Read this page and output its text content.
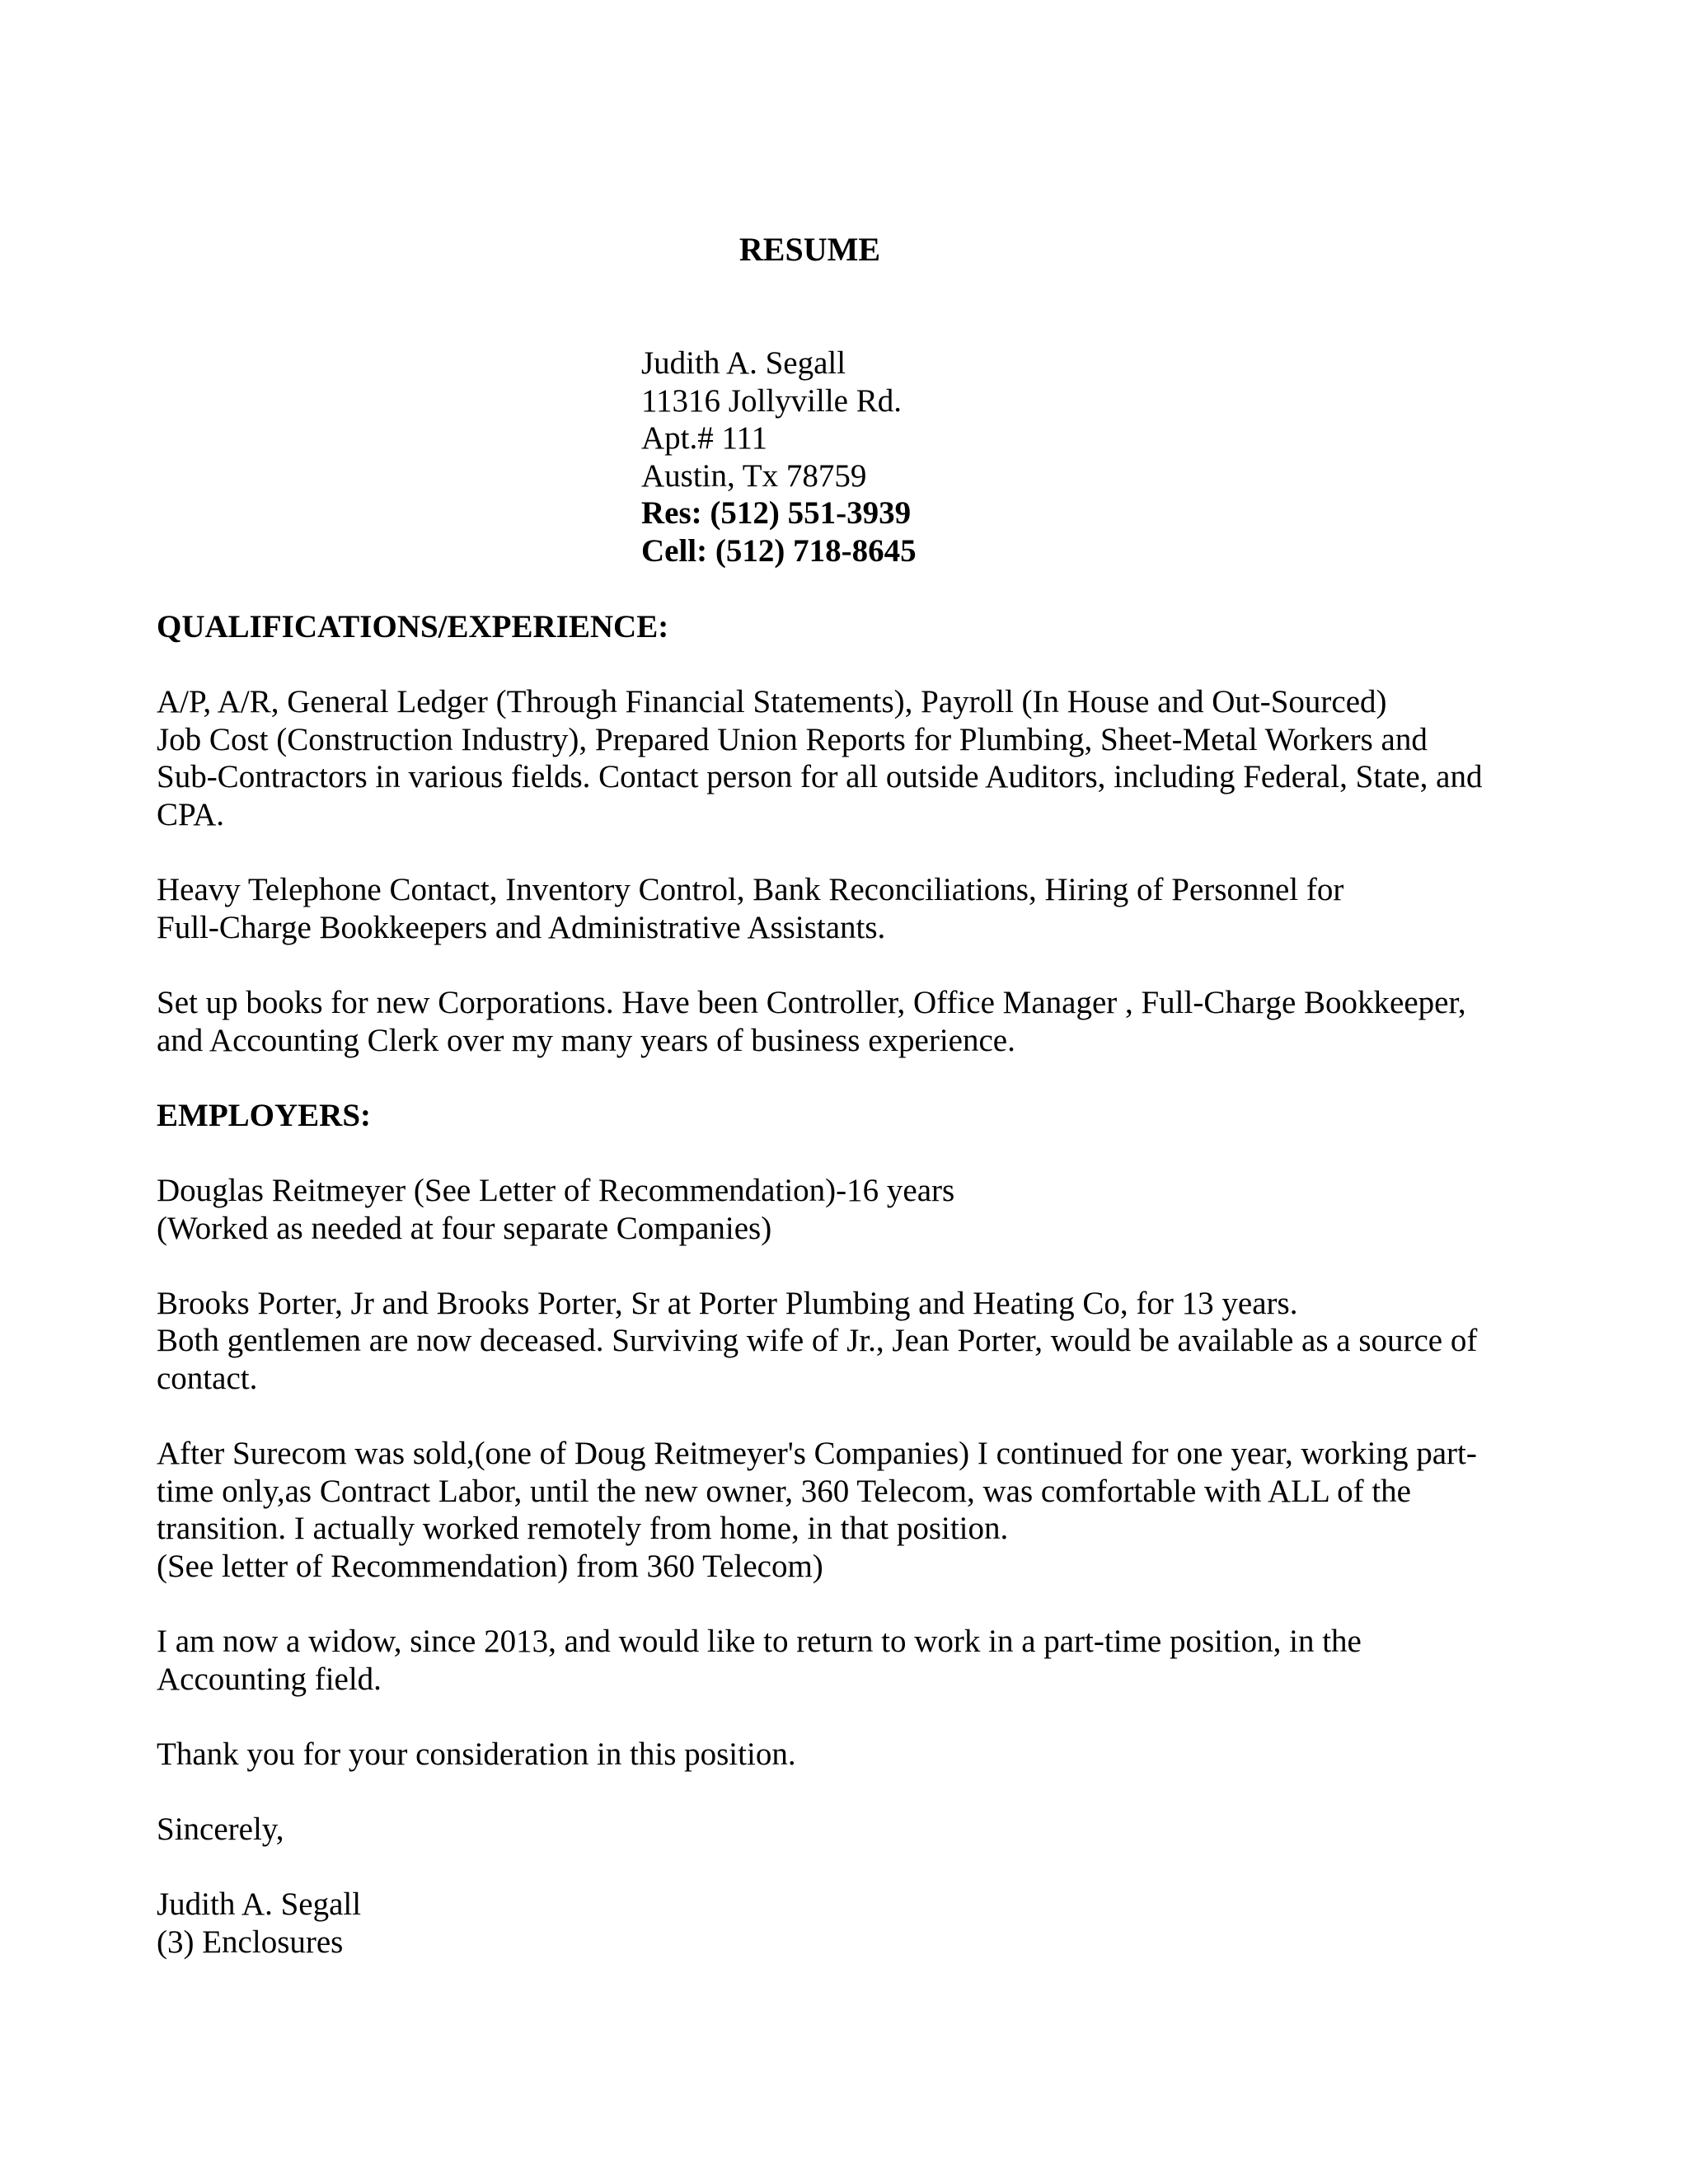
RESUME
Judith A. Segall
11316 Jollyville Rd.
Apt.# 111
Austin, Tx 78759
Res: (512) 551-3939
Cell: (512) 718-8645
QUALIFICATIONS/EXPERIENCE:

A/P, A/R, General Ledger (Through Financial Statements), Payroll (In House and Out-Sourced)
Job Cost (Construction Industry), Prepared Union Reports for Plumbing, Sheet-Metal Workers and
Sub-Contractors in various fields. Contact person for all outside Auditors, including Federal, State, and
CPA.

Heavy Telephone Contact, Inventory Control, Bank Reconciliations, Hiring of Personnel for
Full-Charge Bookkeepers and Administrative Assistants.

Set up books for new Corporations. Have been Controller, Office Manager , Full-Charge Bookkeeper,
and Accounting Clerk over my many years of business experience.

EMPLOYERS:

Douglas Reitmeyer (See Letter of Recommendation)-16 years
(Worked as needed at four separate Companies)

Brooks Porter, Jr and Brooks Porter, Sr at Porter Plumbing and Heating Co, for 13 years.
Both gentlemen are now deceased. Surviving wife of Jr., Jean Porter, would be available as a source of
contact.

After Surecom was sold,(one of Doug Reitmeyer's Companies) I continued for one year, working part-
time only,as Contract Labor, until the new owner, 360 Telecom, was comfortable with ALL of the
transition. I actually worked remotely from home, in that position.
(See letter of Recommendation) from 360 Telecom)

I am now a widow, since 2013, and would like to return to work in a part-time position, in the
Accounting field.

Thank you for your consideration in this position.

Sincerely,

Judith A. Segall
(3) Enclosures
